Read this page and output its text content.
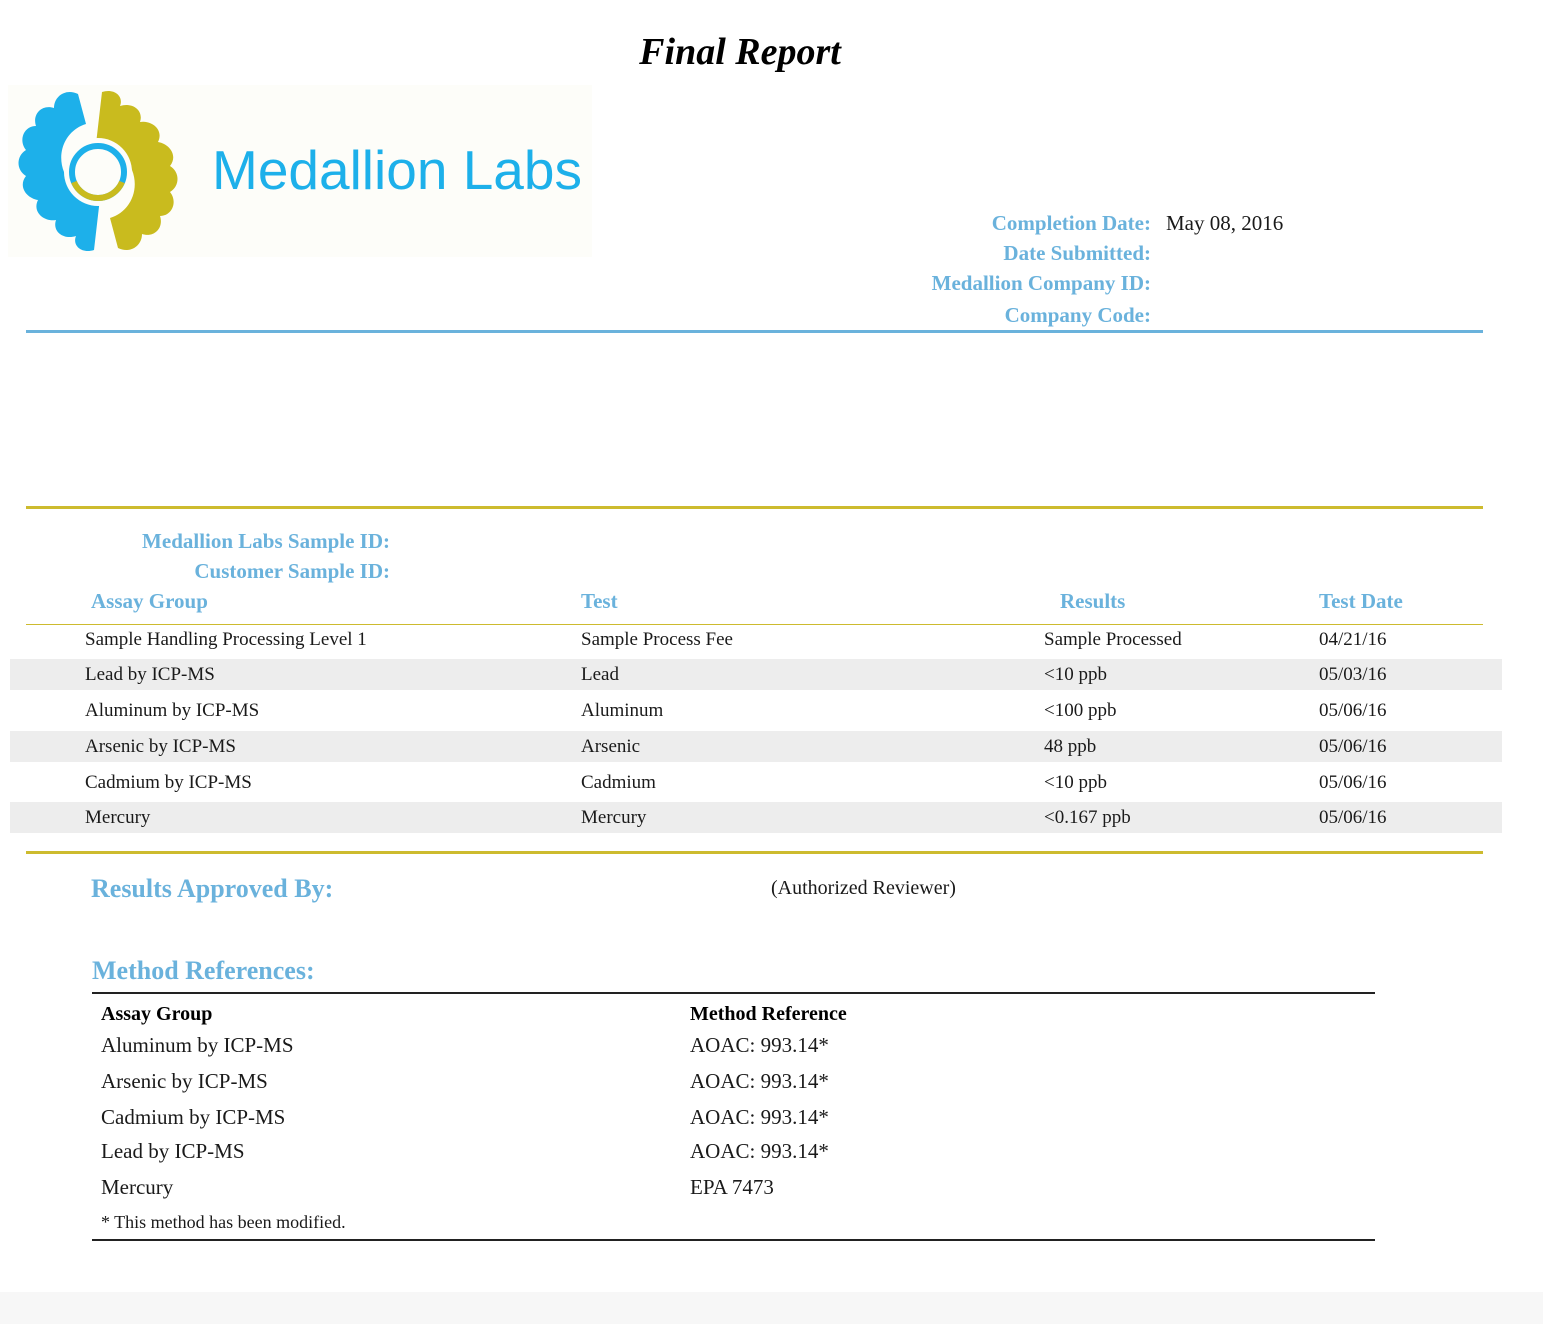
Final Report
Medallion Labs
Completion Date: May 08, 2016
Date Submitted:
Medallion Company ID:
Company Code:
Medallion Labs Sample ID:
Customer Sample ID:
Assay Group	Test	Results	Test Date
Sample Handling Processing Level 1	Sample Process Fee	Sample Processed	04/21/16
Lead by ICP-MS	Lead	<10 ppb	05/03/16
Aluminum by ICP-MS	Aluminum	<100 ppb	05/06/16
Arsenic by ICP-MS	Arsenic	48 ppb	05/06/16
Cadmium by ICP-MS	Cadmium	<10 ppb	05/06/16
Mercury	Mercury	<0.167 ppb	05/06/16
Results Approved By:	(Authorized Reviewer)
Method References:
Assay Group	Method Reference
Aluminum by ICP-MS	AOAC: 993.14*
Arsenic by ICP-MS	AOAC: 993.14*
Cadmium by ICP-MS	AOAC: 993.14*
Lead by ICP-MS	AOAC: 993.14*
Mercury	EPA 7473
* This method has been modified.
